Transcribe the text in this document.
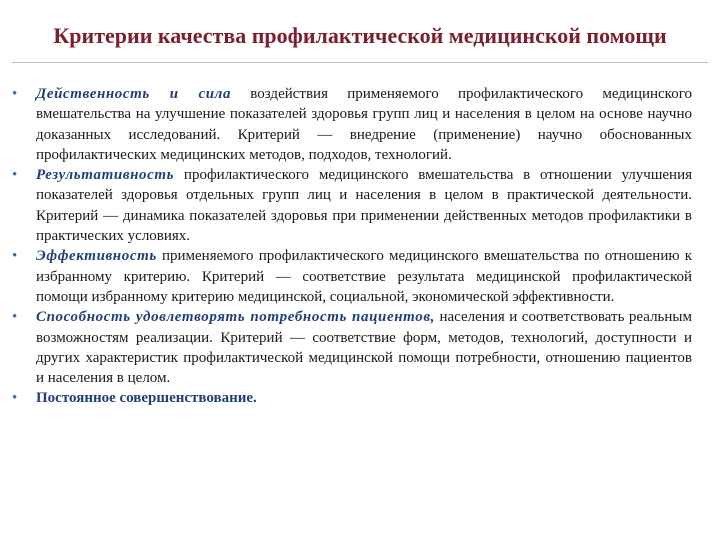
Критерии качества профилактической медицинской помощи
• Действенность и сила воздействия применяемого профилактического медицинского вмешательства на улучшение показателей здоровья групп лиц и населения в целом на основе научно доказанных исследований. Критерий — внедрение (применение) научно обоснованных профилактических медицинских методов, подходов, технологий.
• Результативность профилактического медицинского вмешательства в отношении улучшения показателей здоровья отдельных групп лиц и населения в целом в практической деятельности. Критерий — динамика показателей здоровья при применении действенных методов профилактики в практических условиях.
• Эффективность применяемого профилактического медицинского вмешательства по отношению к избранному критерию. Критерий — соответствие результата медицинской профилактической помощи избранному критерию медицинской, социальной, экономической эффективности.
• Способность удовлетворять потребность пациентов, населения и соответствовать реальным возможностям реализации. Критерий — соответствие форм, методов, технологий, доступности и других характеристик профилактической медицинской помощи потребности, отношению пациентов и населения в целом.
• Постоянное совершенствование.
